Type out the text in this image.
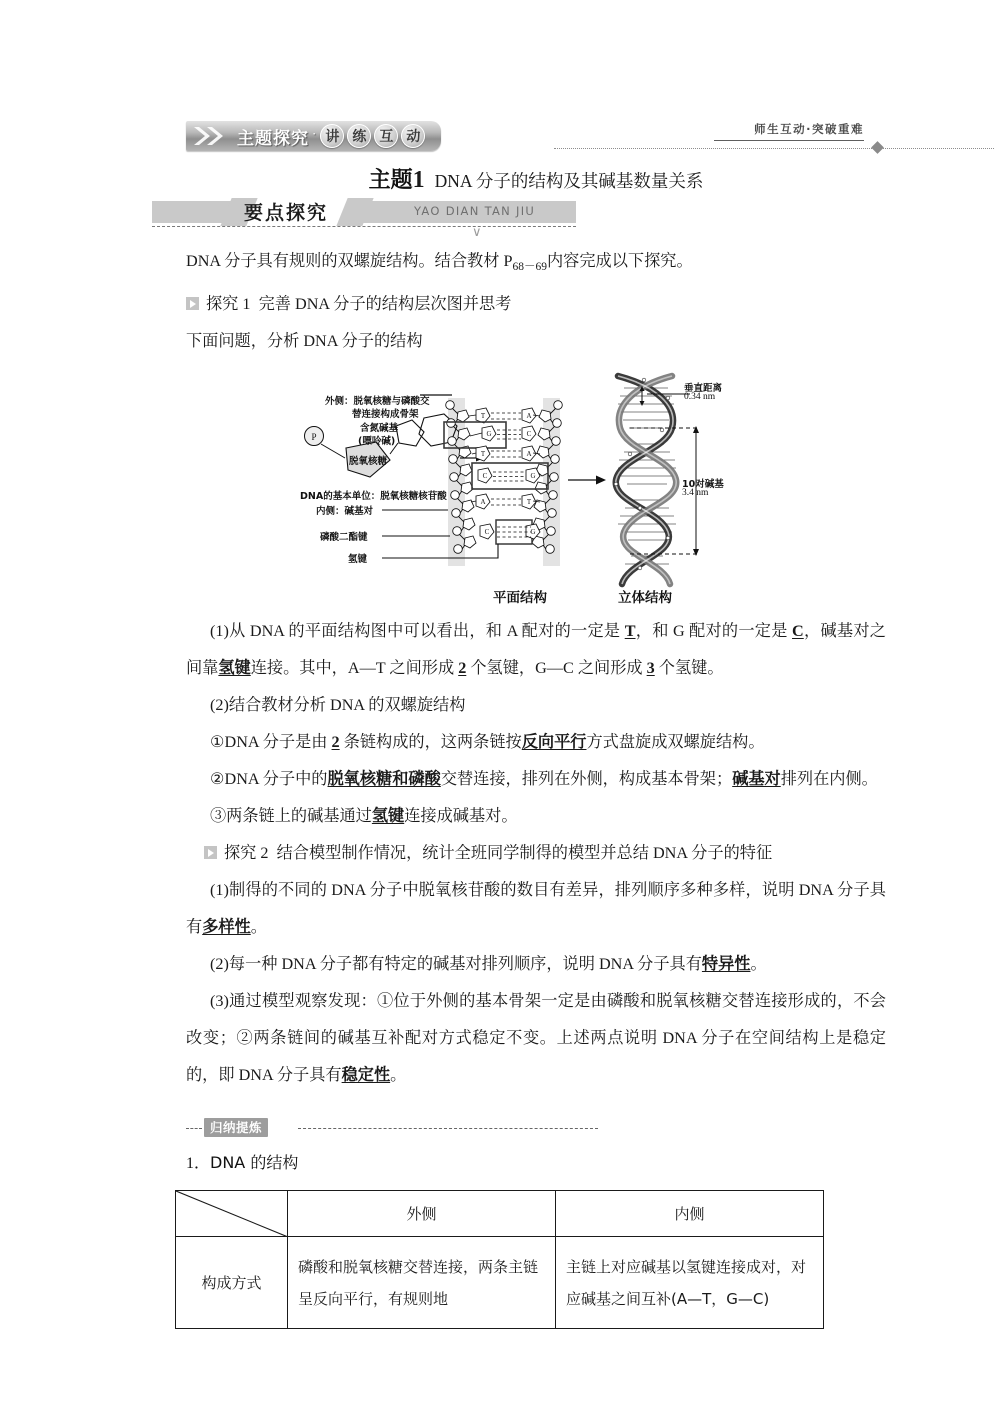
主题探究 · 讲 练 互 动	师生互动·突破重难
主题1 DNA 分子的结构及其碱基数量关系
要点探究	YAO DIAN TAN JIU
∨

DNA 分子具有规则的双螺旋结构。结合教材 $P_{68-69}$内容完成以下探究。

探究 1 完善 DNA 分子的结构层次图并思考

下面问题，分析 DNA 分子的结构

P
脱氧核糖
T	A
G	C
T	A
C	G
A	T
C	G
外侧：脱氧核糖与磷酸交
替连接构成骨架
含氮碱基
(嘌呤碱)
DNA的基本单位：脱氧核糖核苷酸
内侧：碱基对
磷酸二酯键
氢键
平面结构	立体结构
垂直距离
0.34 nm
10对碱基
3.4 nm

(1)从 DNA 的平面结构图中可以看出，和 A 配对的一定是 T，和 G 配对的一定是 C，碱基对之间靠氢键连接。其中，A—T 之间形成 2 个氢键，G—C 之间形成 3 个氢键。

(2)结合教材分析 DNA 的双螺旋结构

①DNA 分子是由 2 条链构成的，这两条链按反向平行方式盘旋成双螺旋结构。

②DNA 分子中的脱氧核糖和磷酸交替连接，排列在外侧，构成基本骨架；碱基对排列在内侧。

③两条链上的碱基通过氢键连接成碱基对。

探究 2 结合模型制作情况，统计全班同学制得的模型并总结 DNA 分子的特征

(1)制得的不同的 DNA 分子中脱氧核苷酸的数目有差异，排列顺序多种多样，说明 DNA 分子具有多样性。

(2)每一种 DNA 分子都有特定的碱基对排列顺序，说明 DNA 分子具有特异性。

(3)通过模型观察发现：①位于外侧的基本骨架一定是由磷酸和脱氧核糖交替连接形成的，不会改变；②两条链间的碱基互补配对方式稳定不变。上述两点说明 DNA 分子在空间结构上是稳定的，即 DNA 分子具有稳定性。

归纳提炼
1．DNA 的结构
	外侧	内侧
构成方式	磷酸和脱氧核糖交替连接，两条主链呈反向平行，有规则地	主链上对应碱基以氢键连接成对，对应碱基之间互补(A—T，G—C)
